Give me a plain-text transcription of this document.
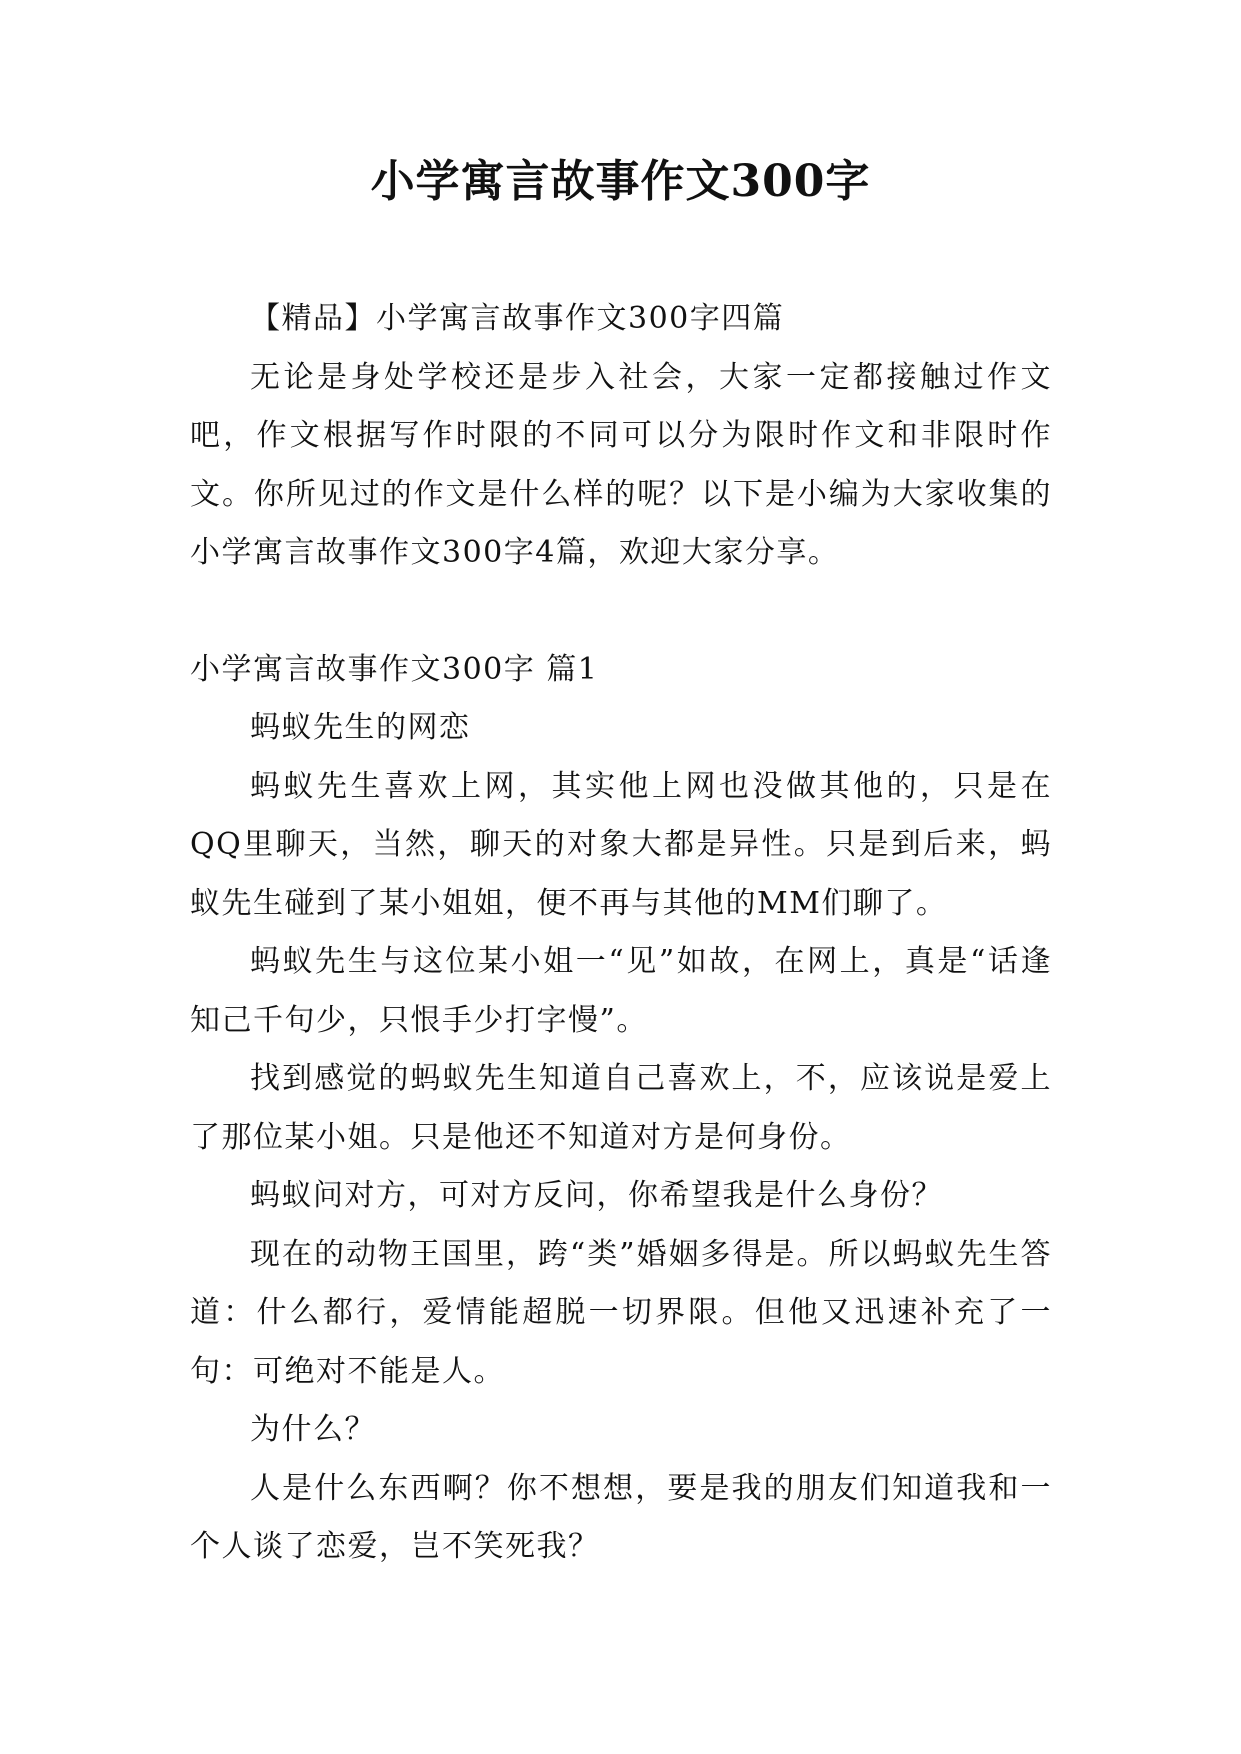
小学寓言故事作文300字

【精品】小学寓言故事作文300字四篇

无论是身处学校还是步入社会，大家一定都接触过作文吧，作文根据写作时限的不同可以分为限时作文和非限时作文。你所见过的作文是什么样的呢？以下是小编为大家收集的小学寓言故事作文300字4篇，欢迎大家分享。

小学寓言故事作文300字 篇1

蚂蚁先生的网恋

蚂蚁先生喜欢上网，其实他上网也没做其他的，只是在QQ里聊天，当然，聊天的对象大都是异性。只是到后来，蚂蚁先生碰到了某小姐姐，便不再与其他的MM们聊了。

蚂蚁先生与这位某小姐一“见”如故，在网上，真是“话逢知己千句少，只恨手少打字慢”。

找到感觉的蚂蚁先生知道自己喜欢上，不，应该说是爱上了那位某小姐。只是他还不知道对方是何身份。

蚂蚁问对方，可对方反问，你希望我是什么身份？

现在的动物王国里，跨“类”婚姻多得是。所以蚂蚁先生答道：什么都行，爱情能超脱一切界限。但他又迅速补充了一句：可绝对不能是人。

为什么？

人是什么东西啊？你不想想，要是我的朋友们知道我和一个人谈了恋爱，岂不笑死我？
